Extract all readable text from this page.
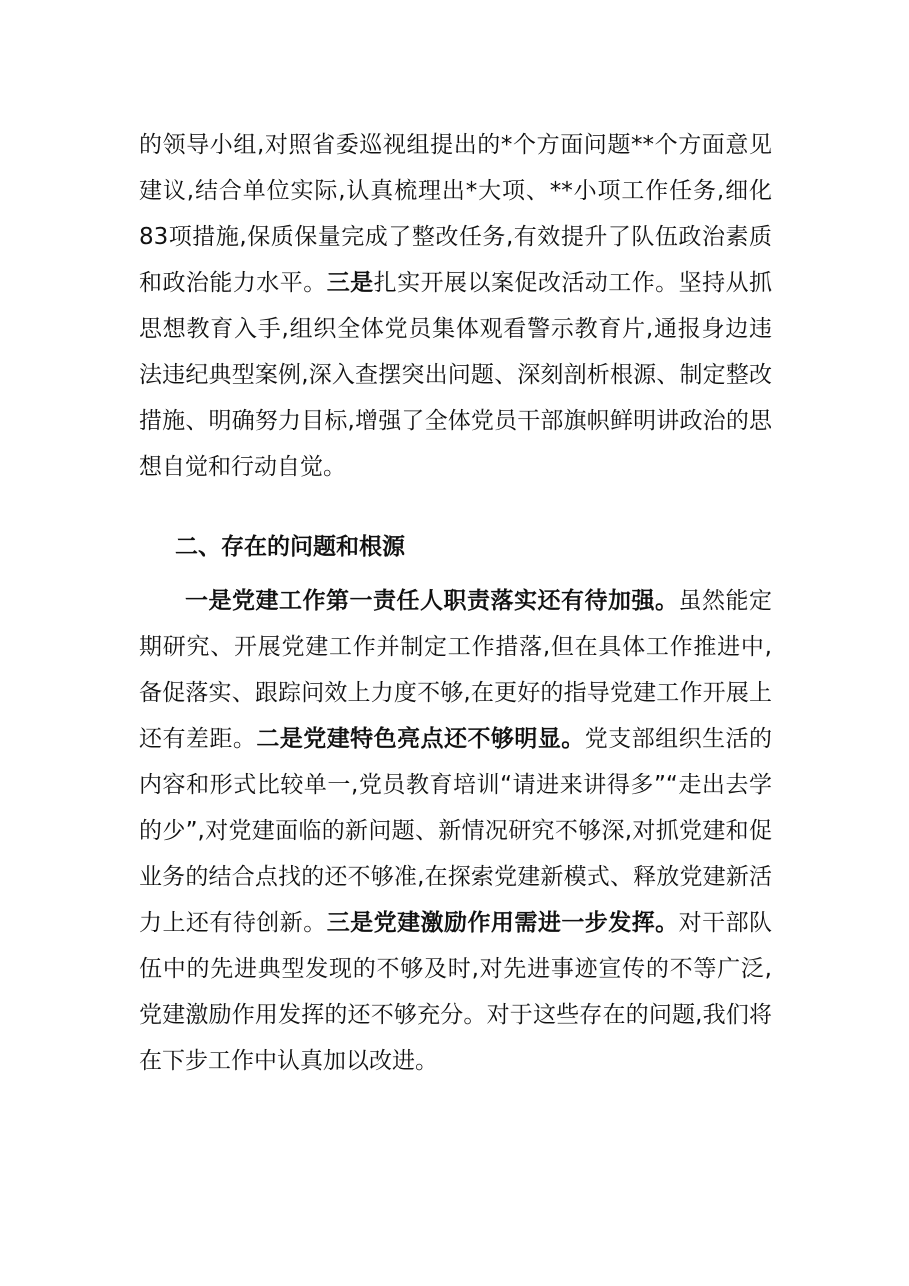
的领导小组,对照省委巡视组提出的*个方面问题**个方面意见建议,结合单位实际,认真梳理出*大项、**小项工作任务,细化83项措施,保质保量完成了整改任务,有效提升了队伍政治素质和政治能力水平。三是扎实开展以案促改活动工作。坚持从抓思想教育入手,组织全体党员集体观看警示教育片,通报身边违法违纪典型案例,深入查摆突出问题、深刻剖析根源、制定整改措施、明确努力目标,增强了全体党员干部旗帜鲜明讲政治的思想自觉和行动自觉。

二、存在的问题和根源

一是党建工作第一责任人职责落实还有待加强。虽然能定期研究、开展党建工作并制定工作措落,但在具体工作推进中,备促落实、跟踪问效上力度不够,在更好的指导党建工作开展上还有差距。二是党建特色亮点还不够明显。党支部组织生活的内容和形式比较单一,党员教育培训“请进来讲得多”“走出去学的少”,对党建面临的新问题、新情况研究不够深,对抓党建和促业务的结合点找的还不够准,在探索党建新模式、释放党建新活力上还有待创新。三是党建激励作用需进一步发挥。对干部队伍中的先进典型发现的不够及时,对先进事迹宣传的不等广泛,党建激励作用发挥的还不够充分。对于这些存在的问题,我们将在下步工作中认真加以改进。
